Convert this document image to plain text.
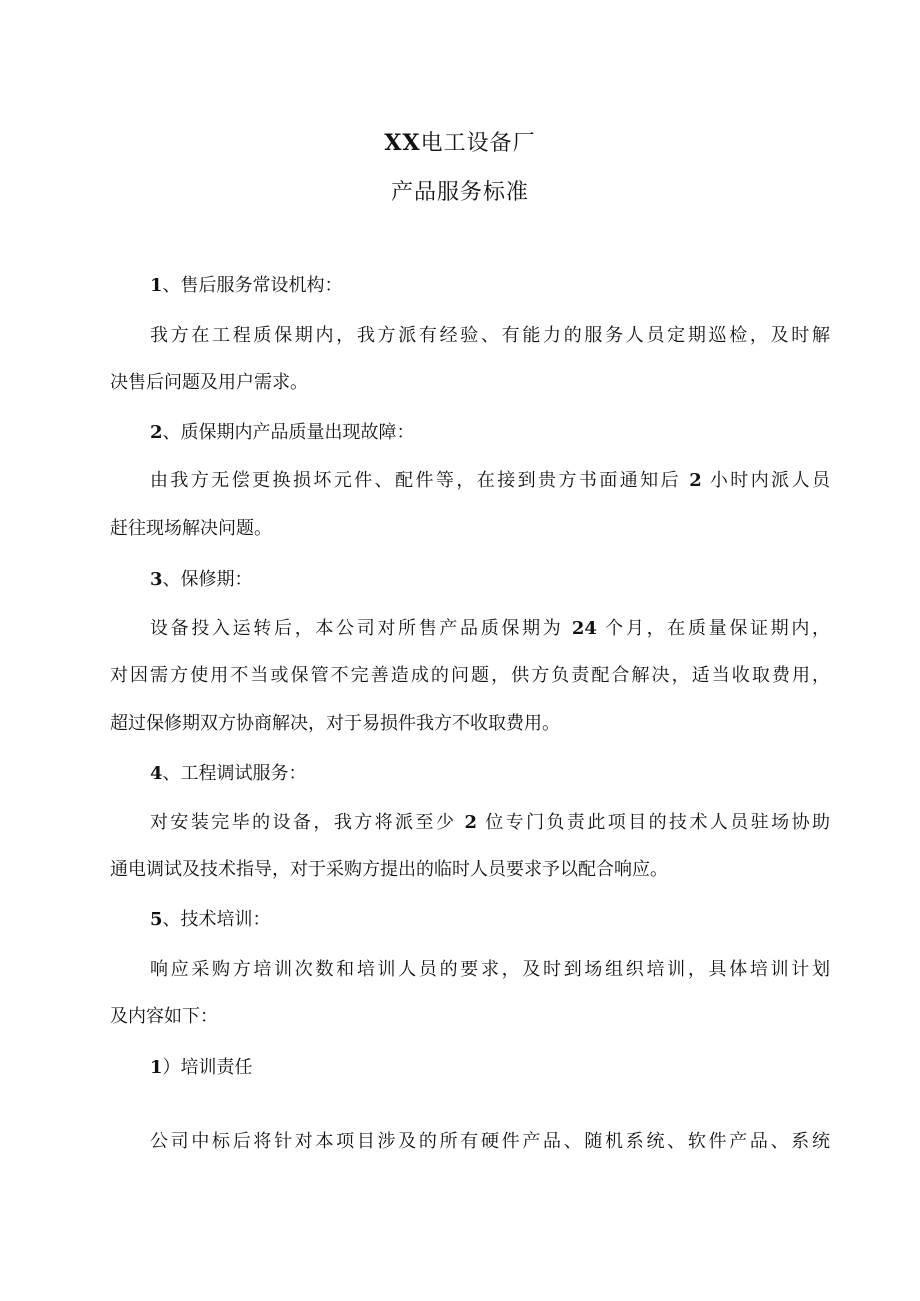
XX电工设备厂
产品服务标准

1、售后服务常设机构：

我方在工程质保期内，我方派有经验、有能力的服务人员定期巡检，及时解

决售后问题及用户需求。

2、质保期内产品质量出现故障：

由我方无偿更换损坏元件、配件等，在接到贵方书面通知后 2 小时内派人员

赶往现场解决问题。

3、保修期：

设备投入运转后，本公司对所售产品质保期为 24 个月，在质量保证期内，

对因需方使用不当或保管不完善造成的问题，供方负责配合解决，适当收取费用，

超过保修期双方协商解决，对于易损件我方不收取费用。

4、工程调试服务：

对安装完毕的设备，我方将派至少 2 位专门负责此项目的技术人员驻场协助

通电调试及技术指导，对于采购方提出的临时人员要求予以配合响应。

5、技术培训：

响应采购方培训次数和培训人员的要求，及时到场组织培训，具体培训计划

及内容如下：

1）培训责任

公司中标后将针对本项目涉及的所有硬件产品、随机系统、软件产品、系统
